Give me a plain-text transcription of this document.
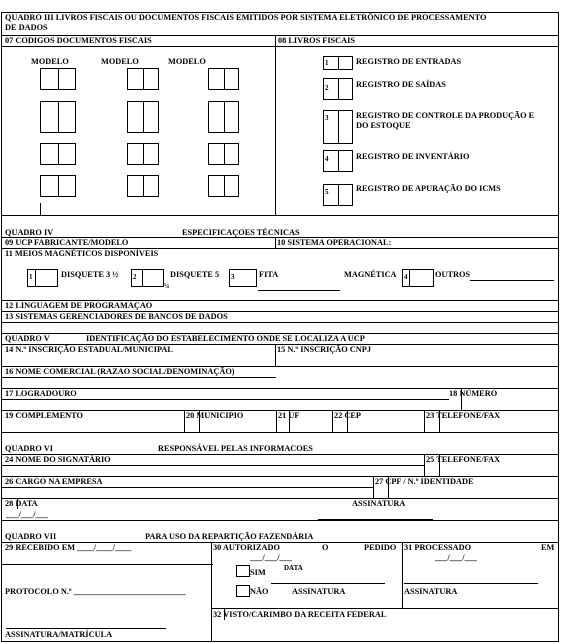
QUADRO III LIVROS FISCAIS OU DOCUMENTOS FISCAIS EMITIDOS POR SISTEMA ELETRÔNICO DE PROCESSAMENTO
DE DADOS
07 CODIGOS DOCUMENTOS FISCAIS	08 LIVROS FISCAIS
MODELO	MODELO	MODELO	1	REGISTRO DE ENTRADAS
2	REGISTRO DE SAÍDAS
3	REGISTRO DE CONTROLE DA PRODUÇÃO E
DO ESTOQUE
4	REGISTRO DE INVENTÁRIO
5	REGISTRO DE APURAÇÃO DO ICMS
QUADRO IV	ESPECIFICAÇOES TÉCNICAS
09 UCP FABRICANTE/MODELO	10 SISTEMA OPERACIONAL:
11 MEIOS MAGNÉTICOS DISPONÍVEIS
1	DISQUETE 3 ½ 2	DISQUETE 5
¼
3	FITA	MAGNÉTICA 4	OUTROS
12 LINGUAGEM DE PROGRAMAÇAO
13 SISTEMAS GERENCIADORES DE BANCOS DE DADOS
QUADRO V	IDENTIFICAÇÃO DO ESTABELECIMENTO ONDE SE LOCALIZA A UCP
14 N.º INSCRIÇÃO ESTADUAL/MUNICIPAL	15 N.º INSCRIÇÃO CNPJ
16 NOME COMERCIAL (RAZAO SOCIAL/DENOMINAÇÃO)
17 LOGRADOURO	18 NÚMERO
19 COMPLEMENTO	20 MUNICIPIO	21 UF	22 CEP	23 TELEFONE/FAX
QUADRO VI	RESPONSÁVEL PELAS INFORMACOES
24 NOME DO SIGNATÁRIO	25 TELEFONE/FAX
26 CARGO NA EMPRESA	27 CPF / N.º IDENTIDADE
28 DATA	ASSINATURA
___/___/___
QUADRO VII	PARA USO DA REPARTIÇÃO FAZENDÁRIA
29 RECEBIDO EM ____/____/____	30 AUTORIZADO	O	PEDIDO 31 PROCESSADO	EM
___/___/___	___/___/___
SIM	DATA
NÃO	ASSINATURA	ASSINATURA
PROTOCOLO N.º ___________________________
32 VISTO/CARIMBO DA RECEITA FEDERAL
ASSINATURA/MATRÍCULA
